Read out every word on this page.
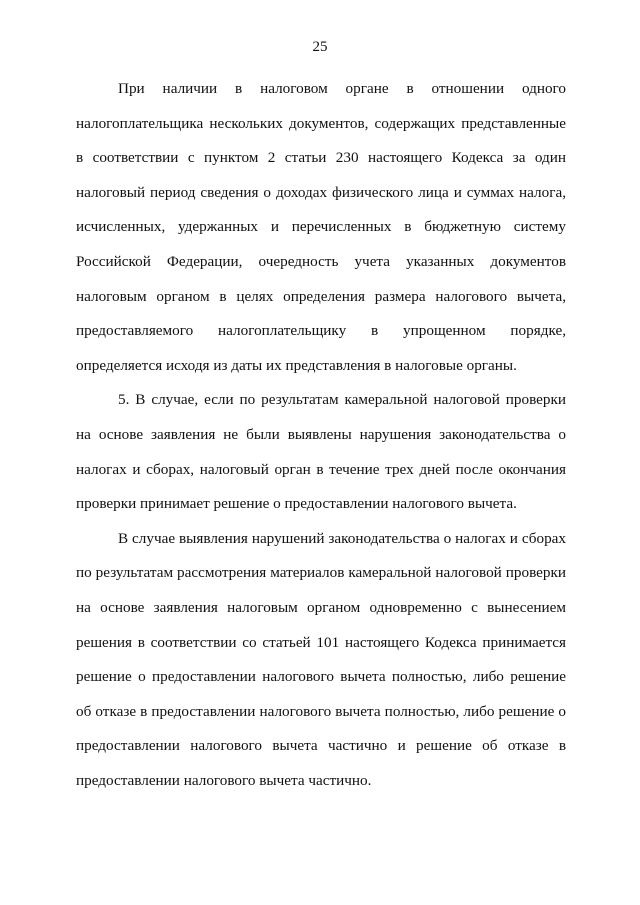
25

При наличии в налоговом органе в отношении одного налогоплательщика нескольких документов, содержащих представленные в соответствии с пунктом 2 статьи 230 настоящего Кодекса за один налоговый период сведения о доходах физического лица и суммах налога, исчисленных, удержанных и перечисленных в бюджетную систему Российской Федерации, очередность учета указанных документов налоговым органом в целях определения размера налогового вычета, предоставляемого налогоплательщику в упрощенном порядке, определяется исходя из даты их представления в налоговые органы.

5. В случае, если по результатам камеральной налоговой проверки на основе заявления не были выявлены нарушения законодательства о налогах и сборах, налоговый орган в течение трех дней после окончания проверки принимает решение о предоставлении налогового вычета.

В случае выявления нарушений законодательства о налогах и сборах по результатам рассмотрения материалов камеральной налоговой проверки на основе заявления налоговым органом одновременно с вынесением решения в соответствии со статьей 101 настоящего Кодекса принимается решение о предоставлении налогового вычета полностью, либо решение об отказе в предоставлении налогового вычета полностью, либо решение о предоставлении налогового вычета частично и решение об отказе в предоставлении налогового вычета частично.
